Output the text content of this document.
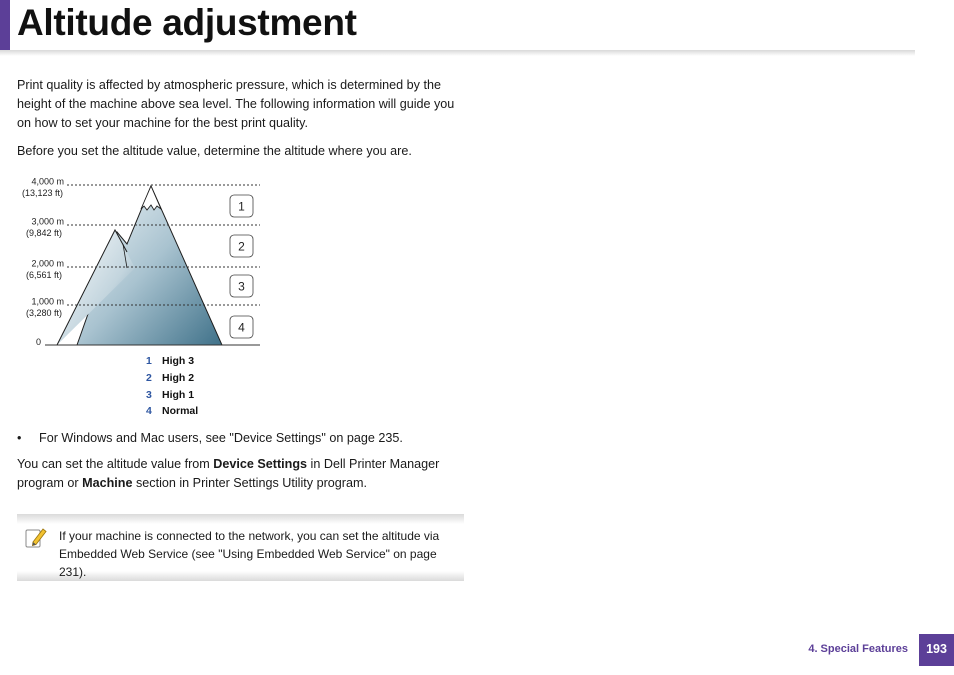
Altitude adjustment

Print quality is affected by atmospheric pressure, which is determined by the height of the machine above sea level. The following information will guide you on how to set your machine for the best print quality.

Before you set the altitude value, determine the altitude where you are.

4,000 m
(13,123 ft)
3,000 m
(9,842 ft)
2,000 m
(6,561 ft)
1,000 m
(3,280 ft)
0
1
2
3
4
1 High 3
2 High 2
3 High 1
4 Normal
• For Windows and Mac users, see "Device Settings" on page 235.

You can set the altitude value from Device Settings in Dell Printer Manager program or Machine section in Printer Settings Utility program.

If your machine is connected to the network, you can set the altitude via Embedded Web Service (see "Using Embedded Web Service" on page 231).

4. Special Features	193
